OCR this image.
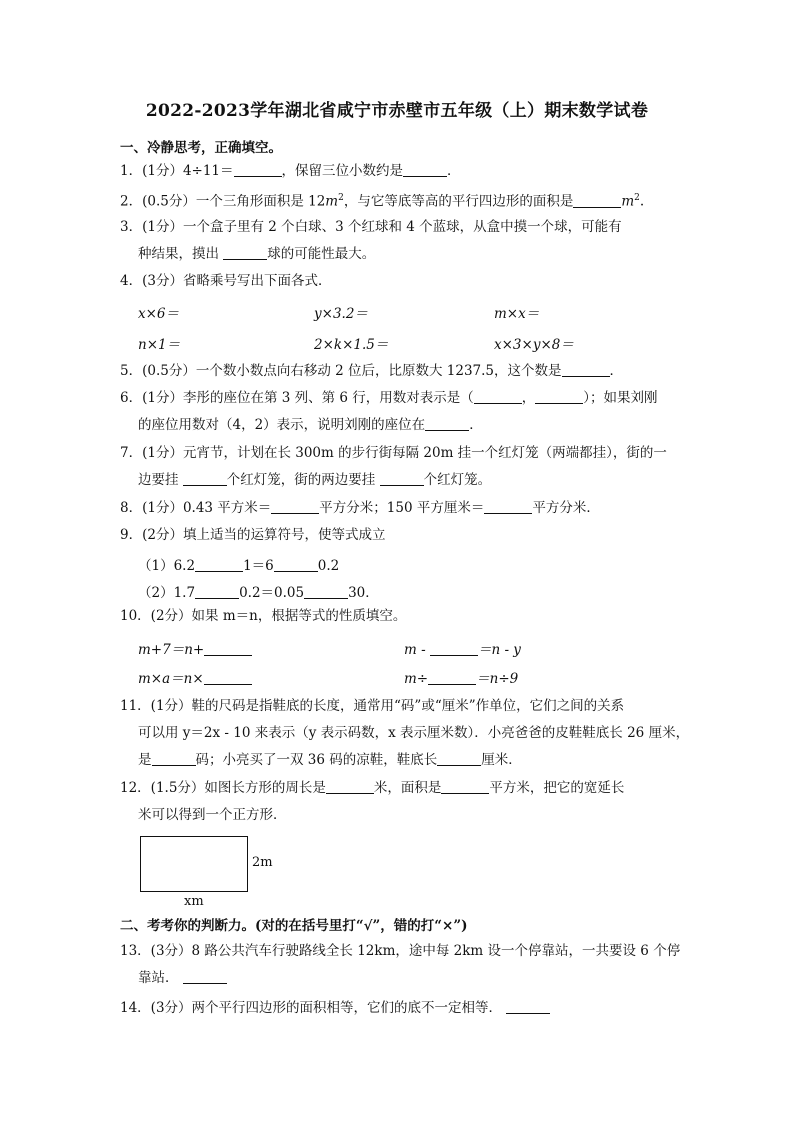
2022-2023学年湖北省咸宁市赤壁市五年级（上）期末数学试卷
一、冷静思考，正确填空。
1．(1分）4÷11＝	，保留三位小数约是	．
2．(0.5分）一个三角形面积是 $12m^2$，与它等底等高的平行四边形的面积是	$m^2$.
3．(1分）一个盒子里有 2 个白球、3 个红球和 4 个蓝球，从盒中摸一个球，可能有
种结果，摸出	球的可能性最大。
4．(3分）省略乘号写出下面各式．
x×6＝	y×3.2＝	m×x＝
n×1＝	2×k×1.5＝	x×3×y×8＝
5．(0.5分）一个数小数点向右移动 2 位后，比原数大 1237.5，这个数是	．
6．(1分）李彤的座位在第 3 列、第 6 行，用数对表示是（	，	）；如果刘刚
的座位用数对（4，2）表示，说明刘刚的座位在	．
7．(1分）元宵节，计划在长 300m 的步行街每隔 20m 挂一个红灯笼（两端都挂），街的一
边要挂	个红灯笼，街的两边要挂	个红灯笼。
8．(1分）0.43 平方米＝	平方分米；150 平方厘米＝	平方分米．
9．(2分）填上适当的运算符号，使等式成立
（1）6.2	1＝6	0.2
（2）1.7	0.2＝0.05	30．
10．(2分）如果 m＝n，根据等式的性质填空。
m+7＝n+	m -	＝n - y
m×a＝n×	m÷	＝n÷9
11．(1分）鞋的尺码是指鞋底的长度，通常用“码”或“厘米”作单位，它们之间的关系
可以用 y＝2x - 10 来表示（y 表示码数，x 表示厘米数）．小亮爸爸的皮鞋鞋底长 26 厘米，
是	码；小亮买了一双 36 码的凉鞋，鞋底长	厘米．
12．(1.5分）如图长方形的周长是	米，面积是	平方米，把它的宽延长
米可以得到一个正方形．
2m
xm
二、考考你的判断力。(对的在括号里打“√”，错的打“×”)
13．(3分）8 路公共汽车行驶路线全长 12km，途中每 2km 设一个停靠站，一共要设 6 个停
靠站．
14．(3分）两个平行四边形的面积相等，它们的底不一定相等．
